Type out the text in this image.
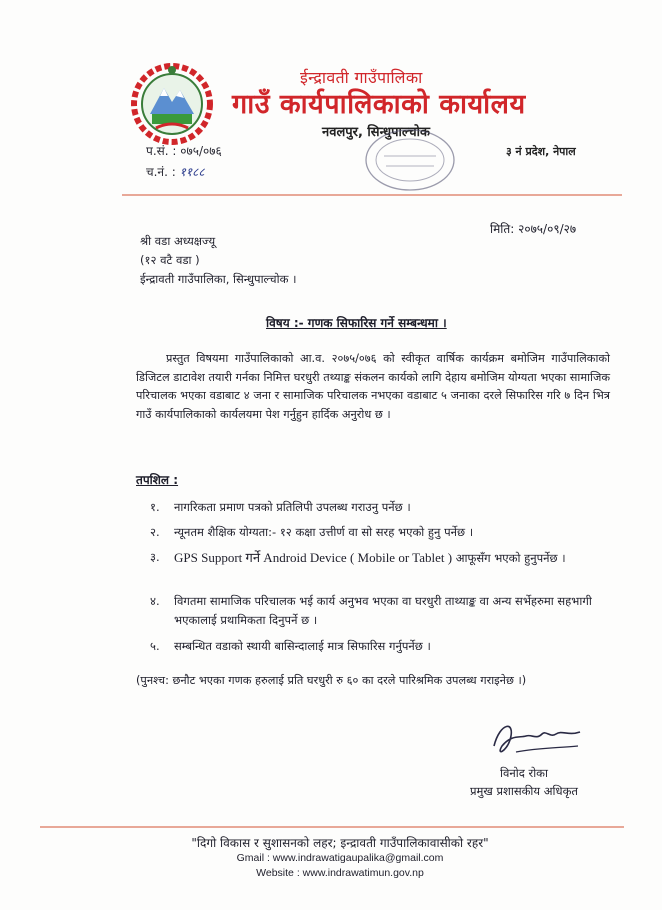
ईन्द्रावती गाउँपालिका
गाउँ कार्यपालिकाको कार्यालय
नवलपुर, सिन्धुपाल्चोक
३ नं प्रदेश, नेपाल
प.सं. : ०७५/०७६
च.नं. : ११८८
मिति: २०७५/०९/२७
श्री वडा अध्यक्षज्यू
(१२ वटै वडा )
ईन्द्रावती गाउँपालिका, सिन्धुपाल्चोक ।
विषय :- गणक सिफारिस गर्ने सम्बन्धमा ।
प्रस्तुत विषयमा गाउँपालिकाको आ.व. २०७५/०७६ को स्वीकृत वार्षिक कार्यक्रम बमोजिम गाउँपालिकाको डिजिटल डाटावेश तयारी गर्नका निमित्त घरधुरी तथ्याङ्क संकलन कार्यको लागि देहाय बमोजिम योग्यता भएका सामाजिक परिचालक भएका वडाबाट ४ जना र सामाजिक परिचालक नभएका वडाबाट ५ जनाका दरले सिफारिस गरि ७ दिन भित्र गाउँ कार्यपालिकाको कार्यलयमा पेश गर्नुहुन हार्दिक अनुरोध छ ।
तपशिल :
१. नागरिकता प्रमाण पत्रको प्रतिलिपी उपलब्ध गराउनु पर्नेछ ।
२. न्यूनतम शैक्षिक योग्यता:- १२ कक्षा उत्तीर्ण वा सो सरह भएको हुनु पर्नेछ ।
३. GPS Support गर्ने Android Device ( Mobile or Tablet ) आफूसँग भएको हुनुपर्नेछ ।
४. विगतमा सामाजिक परिचालक भई कार्य अनुभव भएका वा घरधुरी ताथ्याङ्क वा अन्य सर्भेहरुमा सहभागी भएकालाई प्रथामिकता दिनुपर्ने छ ।
५. सम्बन्धित वडाको स्थायी बासिन्दालाई मात्र सिफारिस गर्नुपर्नेछ ।
(पुनश्च: छनौट भएका गणक हरुलाई प्रति घरधुरी रु ६० का दरले पारिश्रमिक उपलब्ध गराइनेछ ।)
विनोद रोका
प्रमुख प्रशासकीय अधिकृत
"दिगो विकास र सुशासनको लहर; इन्द्रावती गाउँपालिकावासीको रहर"
Gmail : www.indrawatigaupalika@gmail.com
Website : www.indrawatimun.gov.np
